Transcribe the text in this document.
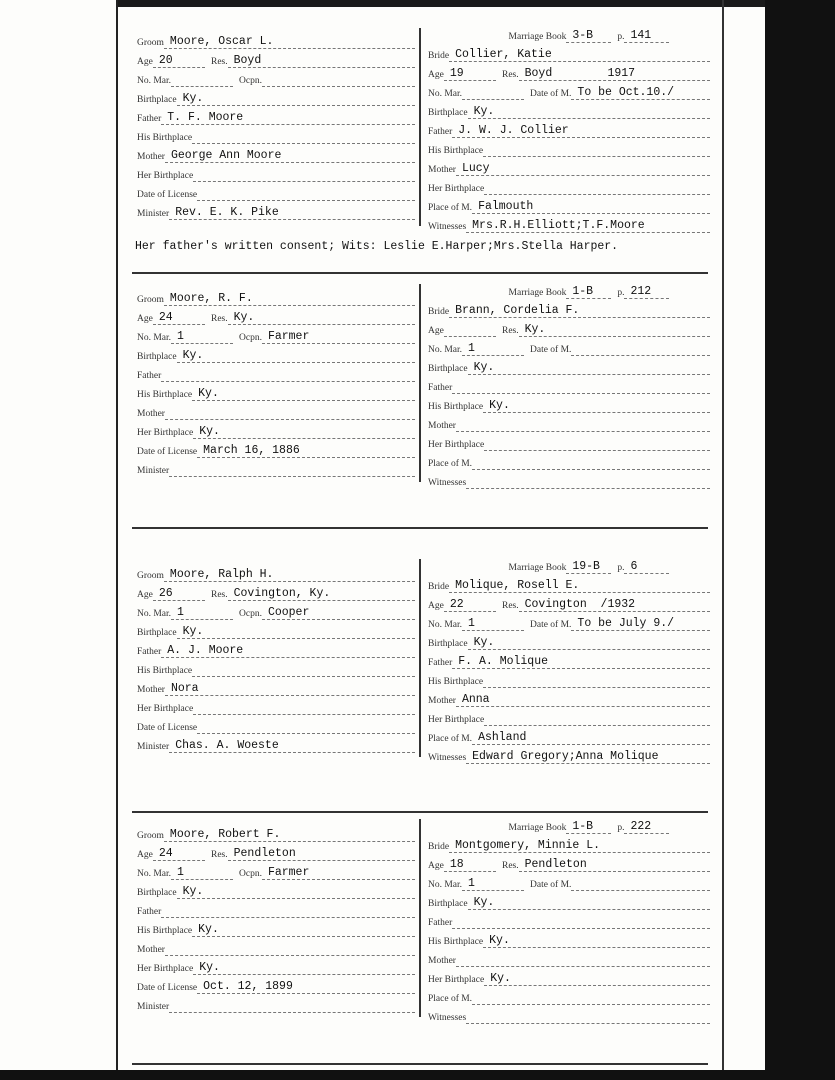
Groom Moore, Oscar L.
Age 20	Res. Boyd
No. Mar.	Ocpn.
Birthplace Ky.
Father T. F. Moore
His Birthplace
Mother George Ann Moore
Her Birthplace
Date of License
Minister Rev. E. K. Pike
Marriage Book 3-B	p. 141
Bride Collier, Katie
Age 19	Res. Boyd        1917
No. Mar.	Date of M. To be Oct.10./
Birthplace Ky.
Father J. W. J. Collier
His Birthplace
Mother Lucy
Her Birthplace
Place of M. Falmouth
Witnesses Mrs.R.H.Elliott;T.F.Moore
Groom Moore, R. F.
Age 24	Res. Ky.
No. Mar. 1	Ocpn. Farmer
Birthplace Ky.
Father
His Birthplace Ky.
Mother
Her Birthplace Ky.
Date of License March 16, 1886
Minister
Marriage Book 1-B	p. 212
Bride Brann, Cordelia F.
Age	Res. Ky.
No. Mar. 1	Date of M.
Birthplace Ky.
Father
His Birthplace Ky.
Mother
Her Birthplace
Place of M.
Witnesses
Groom Moore, Ralph H.
Age 26	Res. Covington, Ky.
No. Mar. 1	Ocpn. Cooper
Birthplace Ky.
Father A. J. Moore
His Birthplace
Mother Nora
Her Birthplace
Date of License
Minister Chas. A. Woeste
Marriage Book 19-B	p. 6
Bride Molique, Rosell E.
Age 22	Res. Covington  /1932
No. Mar. 1	Date of M. To be July 9./
Birthplace Ky.
Father F. A. Molique
His Birthplace
Mother Anna
Her Birthplace
Place of M. Ashland
Witnesses Edward Gregory;Anna Molique
Groom Moore, Robert F.
Age 24	Res. Pendleton
No. Mar. 1	Ocpn. Farmer
Birthplace Ky.
Father
His Birthplace Ky.
Mother
Her Birthplace Ky.
Date of License Oct. 12, 1899
Minister
Marriage Book 1-B	p. 222
Bride Montgomery, Minnie L.
Age 18	Res. Pendleton
No. Mar. 1	Date of M.
Birthplace Ky.
Father
His Birthplace Ky.
Mother
Her Birthplace Ky.
Place of M.
Witnesses
Her father's written consent; Wits: Leslie E.Harper;Mrs.Stella Harper.
